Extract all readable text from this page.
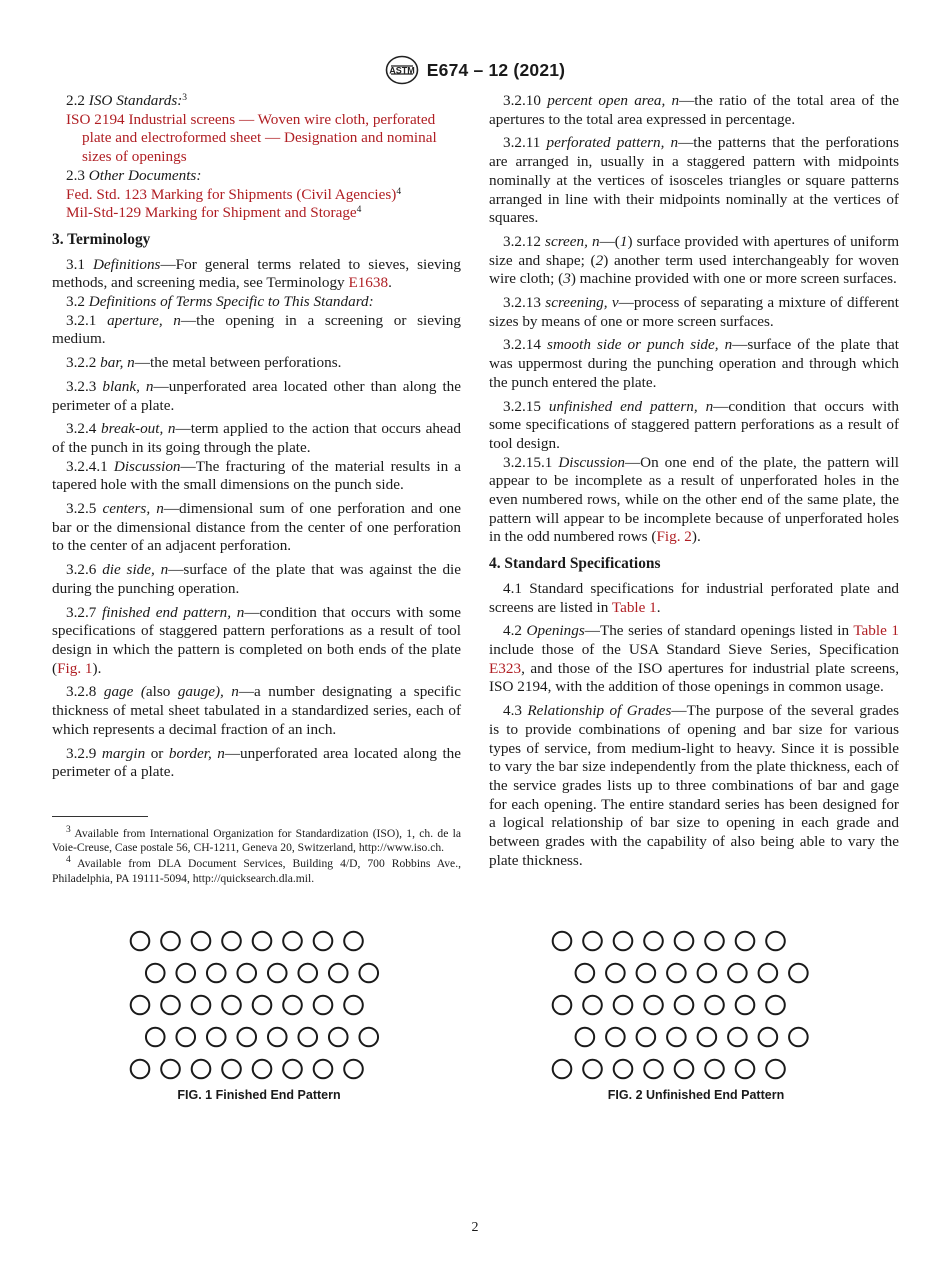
ASTM E674 – 12 (2021)

2.2 ISO Standards:$^3$

ISO 2194 Industrial screens — Woven wire cloth, perforated plate and electroformed sheet — Designation and nominal sizes of openings

2.3 Other Documents:

Fed. Std. 123 Marking for Shipments (Civil Agencies)$^4$

Mil-Std-129 Marking for Shipment and Storage$^4$

3. Terminology

3.1 Definitions—For general terms related to sieves, sieving methods, and screening media, see Terminology E1638.

3.2 Definitions of Terms Specific to This Standard:

3.2.1 aperture, n—the opening in a screening or sieving medium.

3.2.2 bar, n—the metal between perforations.

3.2.3 blank, n—unperforated area located other than along the perimeter of a plate.

3.2.4 break-out, n—term applied to the action that occurs ahead of the punch in its going through the plate.

3.2.4.1 Discussion—The fracturing of the material results in a tapered hole with the small dimensions on the punch side.

3.2.5 centers, n—dimensional sum of one perforation and one bar or the dimensional distance from the center of one perforation to the center of an adjacent perforation.

3.2.6 die side, n—surface of the plate that was against the die during the punching operation.

3.2.7 finished end pattern, n—condition that occurs with some specifications of staggered pattern perforations as a result of tool design in which the pattern is completed on both ends of the plate (Fig. 1).

3.2.8 gage (also gauge), n—a number designating a specific thickness of metal sheet tabulated in a standardized series, each of which represents a decimal fraction of an inch.

3.2.9 margin or border, n—unperforated area located along the perimeter of a plate.

$^3$ Available from International Organization for Standardization (ISO), 1, ch. de la Voie-Creuse, Case postale 56, CH-1211, Geneva 20, Switzerland, http://www.iso.ch.

$^4$ Available from DLA Document Services, Building 4/D, 700 Robbins Ave., Philadelphia, PA 19111-5094, http://quicksearch.dla.mil.

3.2.10 percent open area, n—the ratio of the total area of the apertures to the total area expressed in percentage.

3.2.11 perforated pattern, n—the patterns that the perforations are arranged in, usually in a staggered pattern with midpoints nominally at the vertices of isosceles triangles or square patterns arranged in line with their midpoints nominally at the vertices of squares.

3.2.12 screen, n—(1) surface provided with apertures of uniform size and shape; (2) another term used interchangeably for woven wire cloth; (3) machine provided with one or more screen surfaces.

3.2.13 screening, v—process of separating a mixture of different sizes by means of one or more screen surfaces.

3.2.14 smooth side or punch side, n—surface of the plate that was uppermost during the punching operation and through which the punch entered the plate.

3.2.15 unfinished end pattern, n—condition that occurs with some specifications of staggered pattern perforations as a result of tool design.

3.2.15.1 Discussion—On one end of the plate, the pattern will appear to be incomplete as a result of unperforated holes in the even numbered rows, while on the other end of the same plate, the pattern will appear to be incomplete because of unperforated holes in the odd numbered rows (Fig. 2).

4. Standard Specifications

4.1 Standard specifications for industrial perforated plate and screens are listed in Table 1.

4.2 Openings—The series of standard openings listed in Table 1 include those of the USA Standard Sieve Series, Specification E323, and those of the ISO apertures for industrial plate screens, ISO 2194, with the addition of those openings in common usage.

4.3 Relationship of Grades—The purpose of the several grades is to provide combinations of opening and bar size for various types of service, from medium-light to heavy. Since it is possible to vary the bar size independently from the plate thickness, each of the service grades lists up to three combinations of bar and gage for each opening. The entire standard series has been designed for a logical relationship of bar size to opening in each grade and between grades with the capability of also being able to vary the plate thickness.

FIG. 1 Finished End Pattern	FIG. 2 Unfinished End Pattern
2
